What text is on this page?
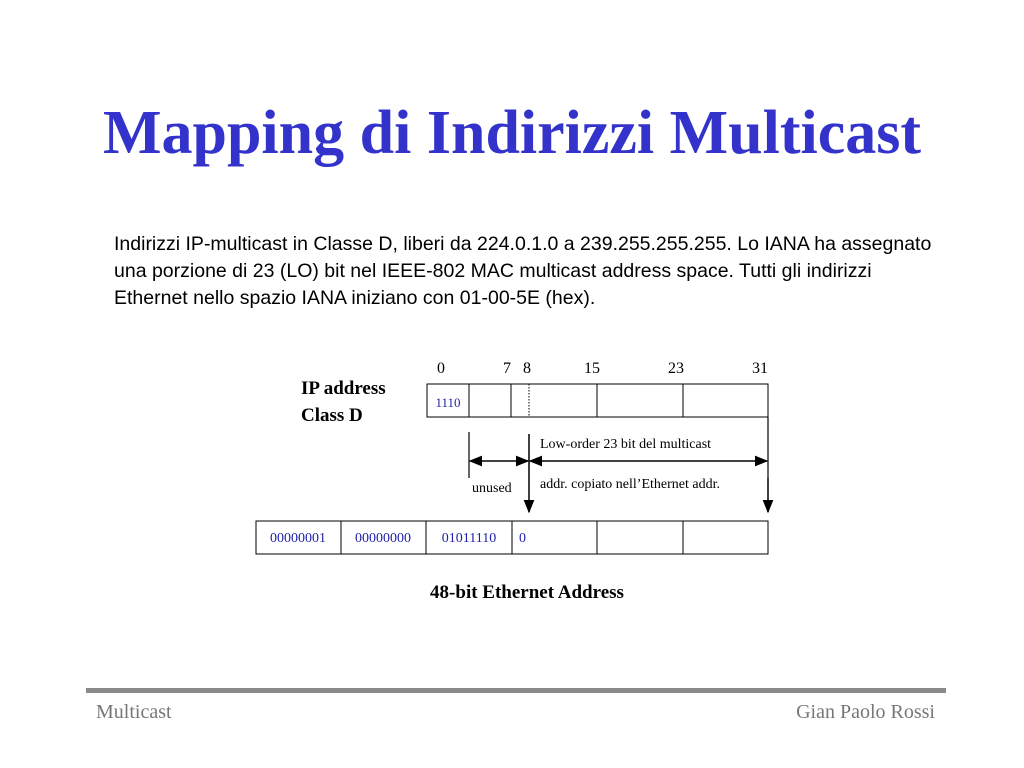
Mapping di Indirizzi Multicast
Indirizzi IP-multicast in Classe D, liberi da 224.0.1.0 a 239.255.255.255. Lo IANA ha assegnato una porzione di 23 (LO) bit nel IEEE-802 MAC multicast address space. Tutti gli indirizzi Ethernet nello spazio IANA iniziano con 01-00-5E (hex).
0	7 8	15	23	31
IP address
Class D
1110
Low-order 23 bit del multicast
addr. copiato nell’Ethernet addr.
unused
00000001 00000000 01011110 0
48-bit Ethernet Address
Multicast	Gian Paolo Rossi
